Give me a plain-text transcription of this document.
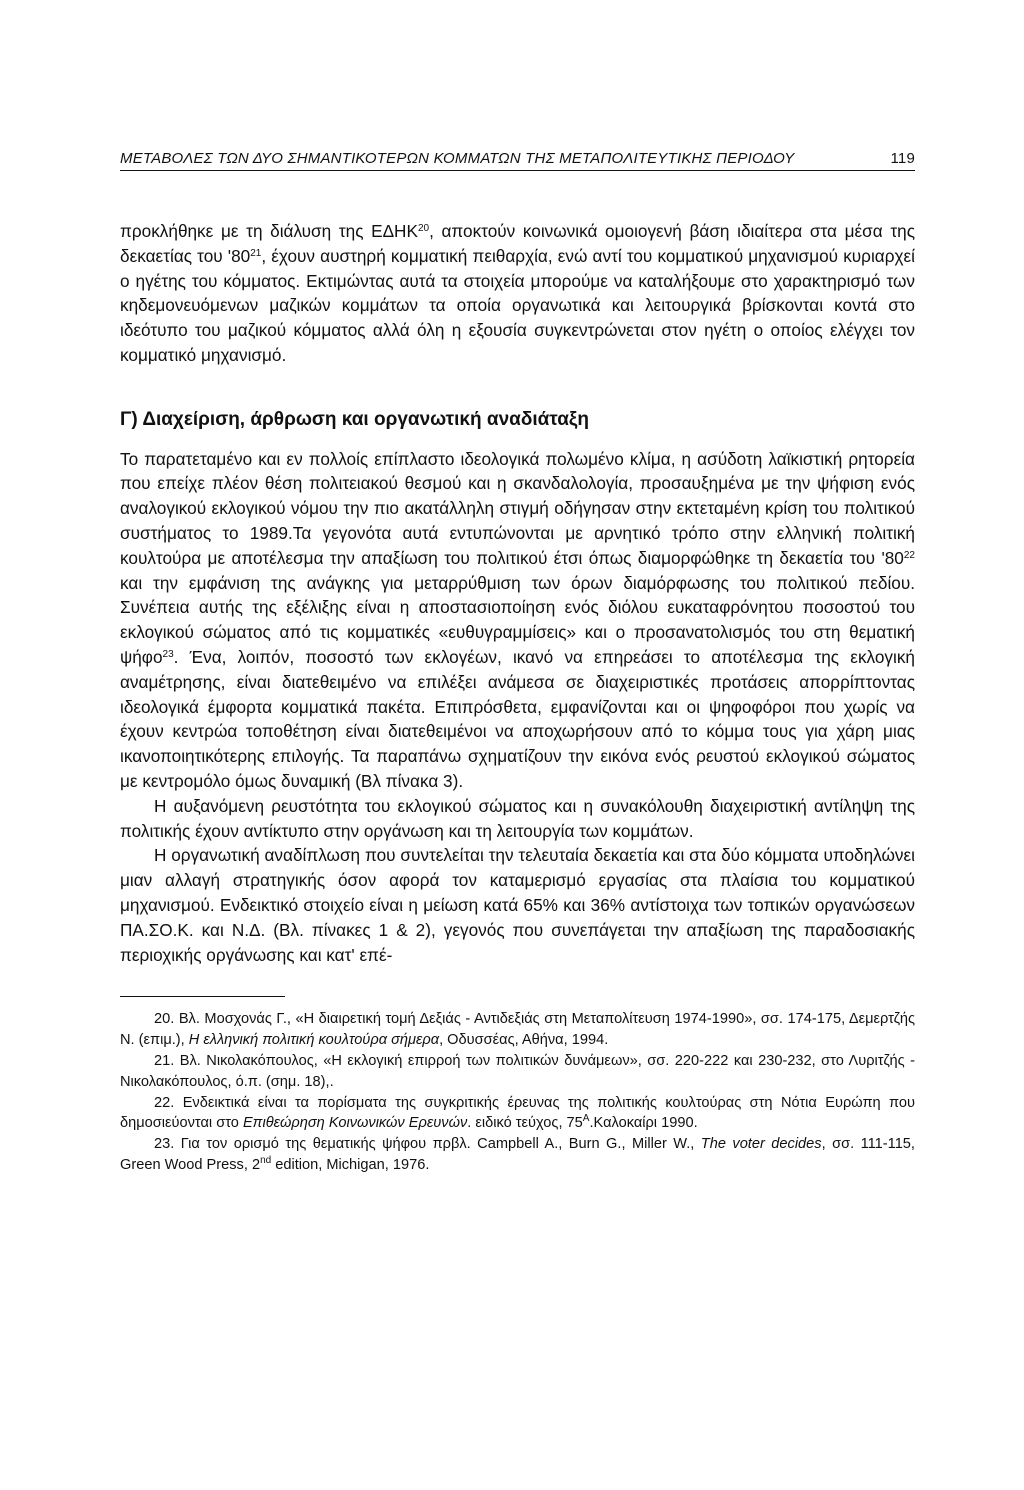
ΜΕΤΑΒΟΛΕΣ ΤΩΝ ΔΥΟ ΣΗΜΑΝΤΙΚΟΤΕΡΩΝ ΚΟΜΜΑΤΩΝ ΤΗΣ ΜΕΤΑΠΟΛΙΤΕΥΤΙΚΗΣ ΠΕΡΙΟΔΟΥ	119

προκλήθηκε με τη διάλυση της ΕΔΗΚ$^{20}$, αποκτούν κοινωνικά ομοιογενή βάση ιδιαίτερα στα μέσα της δεκαετίας του '$80^{21}$, έχουν αυστηρή κομματική πειθαρχία, ενώ αντί του κομματικού μηχανισμού κυριαρχεί ο ηγέτης του κόμματος. Εκτιμώντας αυτά τα στοιχεία μπορούμε να καταλήξουμε στο χαρακτηρισμό των κηδεμονευόμενων μαζικών κομμάτων τα οποία οργανωτικά και λειτουργικά βρίσκονται κοντά στο ιδεότυπο του μαζικού κόμματος αλλά όλη η εξουσία συγκεντρώνεται στον ηγέτη ο οποίος ελέγχει τον κομματικό μηχανισμό.

Γ) Διαχείριση, άρθρωση και οργανωτική αναδιάταξη

Το παρατεταμένο και εν πολλοίς επίπλαστο ιδεολογικά πολωμένο κλίμα, η ασύδοτη λαϊκιστική ρητορεία που επείχε πλέον θέση πολιτειακού θεσμού και η σκανδαλολογία, προσαυξημένα με την ψήφιση ενός αναλογικού εκλογικού νόμου την πιο ακατάλληλη στιγμή οδήγησαν στην εκτεταμένη κρίση του πολιτικού συστήματος το 1989.Τα γεγονότα αυτά εντυπώνονται με αρνητικό τρόπο στην ελληνική πολιτική κουλτούρα με αποτέλεσμα την απαξίωση του πολιτικού έτσι όπως διαμορφώθηκε τη δεκαετία του '$80^{22}$ και την εμφάνιση της ανάγκης για μεταρρύθμιση των όρων διαμόρφωσης του πολιτικού πεδίου. Συνέπεια αυτής της εξέλιξης είναι η αποστασιοποίηση ενός διόλου ευκαταφρόνητου ποσοστού του εκλογικού σώματος από τις κομματικές «ευθυγραμμίσεις» και ο προσανατολισμός του στη θεματική ψήφο$^{23}$. Ένα, λοιπόν, ποσοστό των εκλογέων, ικανό να επηρεάσει το αποτέλεσμα της εκλογική αναμέτρησης, είναι διατεθειμένο να επιλέξει ανάμεσα σε διαχειριστικές προτάσεις απορρίπτοντας ιδεολογικά έμφορτα κομματικά πακέτα. Επιπρόσθετα, εμφανίζονται και οι ψηφοφόροι που χωρίς να έχουν κεντρώα τοποθέτηση είναι διατεθειμένοι να αποχωρήσουν από το κόμμα τους για χάρη μιας ικανοποιητικότερης επιλογής. Τα παραπάνω σχηματίζουν την εικόνα ενός ρευστού εκλογικού σώματος με κεντρομόλο όμως δυναμική (Βλ πίνακα 3).

Η αυξανόμενη ρευστότητα του εκλογικού σώματος και η συνακόλουθη διαχειριστική αντίληψη της πολιτικής έχουν αντίκτυπο στην οργάνωση και τη λειτουργία των κομμάτων.

Η οργανωτική αναδίπλωση που συντελείται την τελευταία δεκαετία και στα δύο κόμματα υποδηλώνει μιαν αλλαγή στρατηγικής όσον αφορά τον καταμερισμό εργασίας στα πλαίσια του κομματικού μηχανισμού. Ενδεικτικό στοιχείο είναι η μείωση κατά 65% και 36% αντίστοιχα των τοπικών οργανώσεων ΠΑ.ΣΟ.Κ. και Ν.Δ. (Βλ. πίνακες 1 & 2), γεγονός που συνεπάγεται την απαξίωση της παραδοσιακής περιοχικής οργάνωσης και κατ' επέ-

20. Βλ. Μοσχονάς Γ., «Η διαιρετική τομή Δεξιάς - Αντιδεξιάς στη Μεταπολίτευση 1974-1990», σσ. 174-175, Δεμερτζής Ν. (επιμ.), Η ελληνική πολιτική κουλτούρα σήμερα, Οδυσσέας, Αθήνα, 1994.

21. Βλ. Νικολακόπουλος, «Η εκλογική επιρροή των πολιτικών δυνάμεων», σσ. 220-222 και 230-232, στο Λυριτζής - Νικολακόπουλος, ό.π. (σημ. 18),.

22. Ενδεικτικά είναι τα πορίσματα της συγκριτικής έρευνας της πολιτικής κουλτούρας στη Νότια Ευρώπη που δημοσιεύονται στο Επιθεώρηση Κοινωνικών Ερευνών. ειδικό τεύχος, $75^A.K\alpha\lambda o\kappa\alpha ί\rho\iota$ 1990.

23. Για τον ορισμό της θεματικής ψήφου πρβλ. Campbell A., Burn G., Miller W., The voter decides, σσ. 111-115, Green Wood Press, 2nd edition, Michigan, 1976.
